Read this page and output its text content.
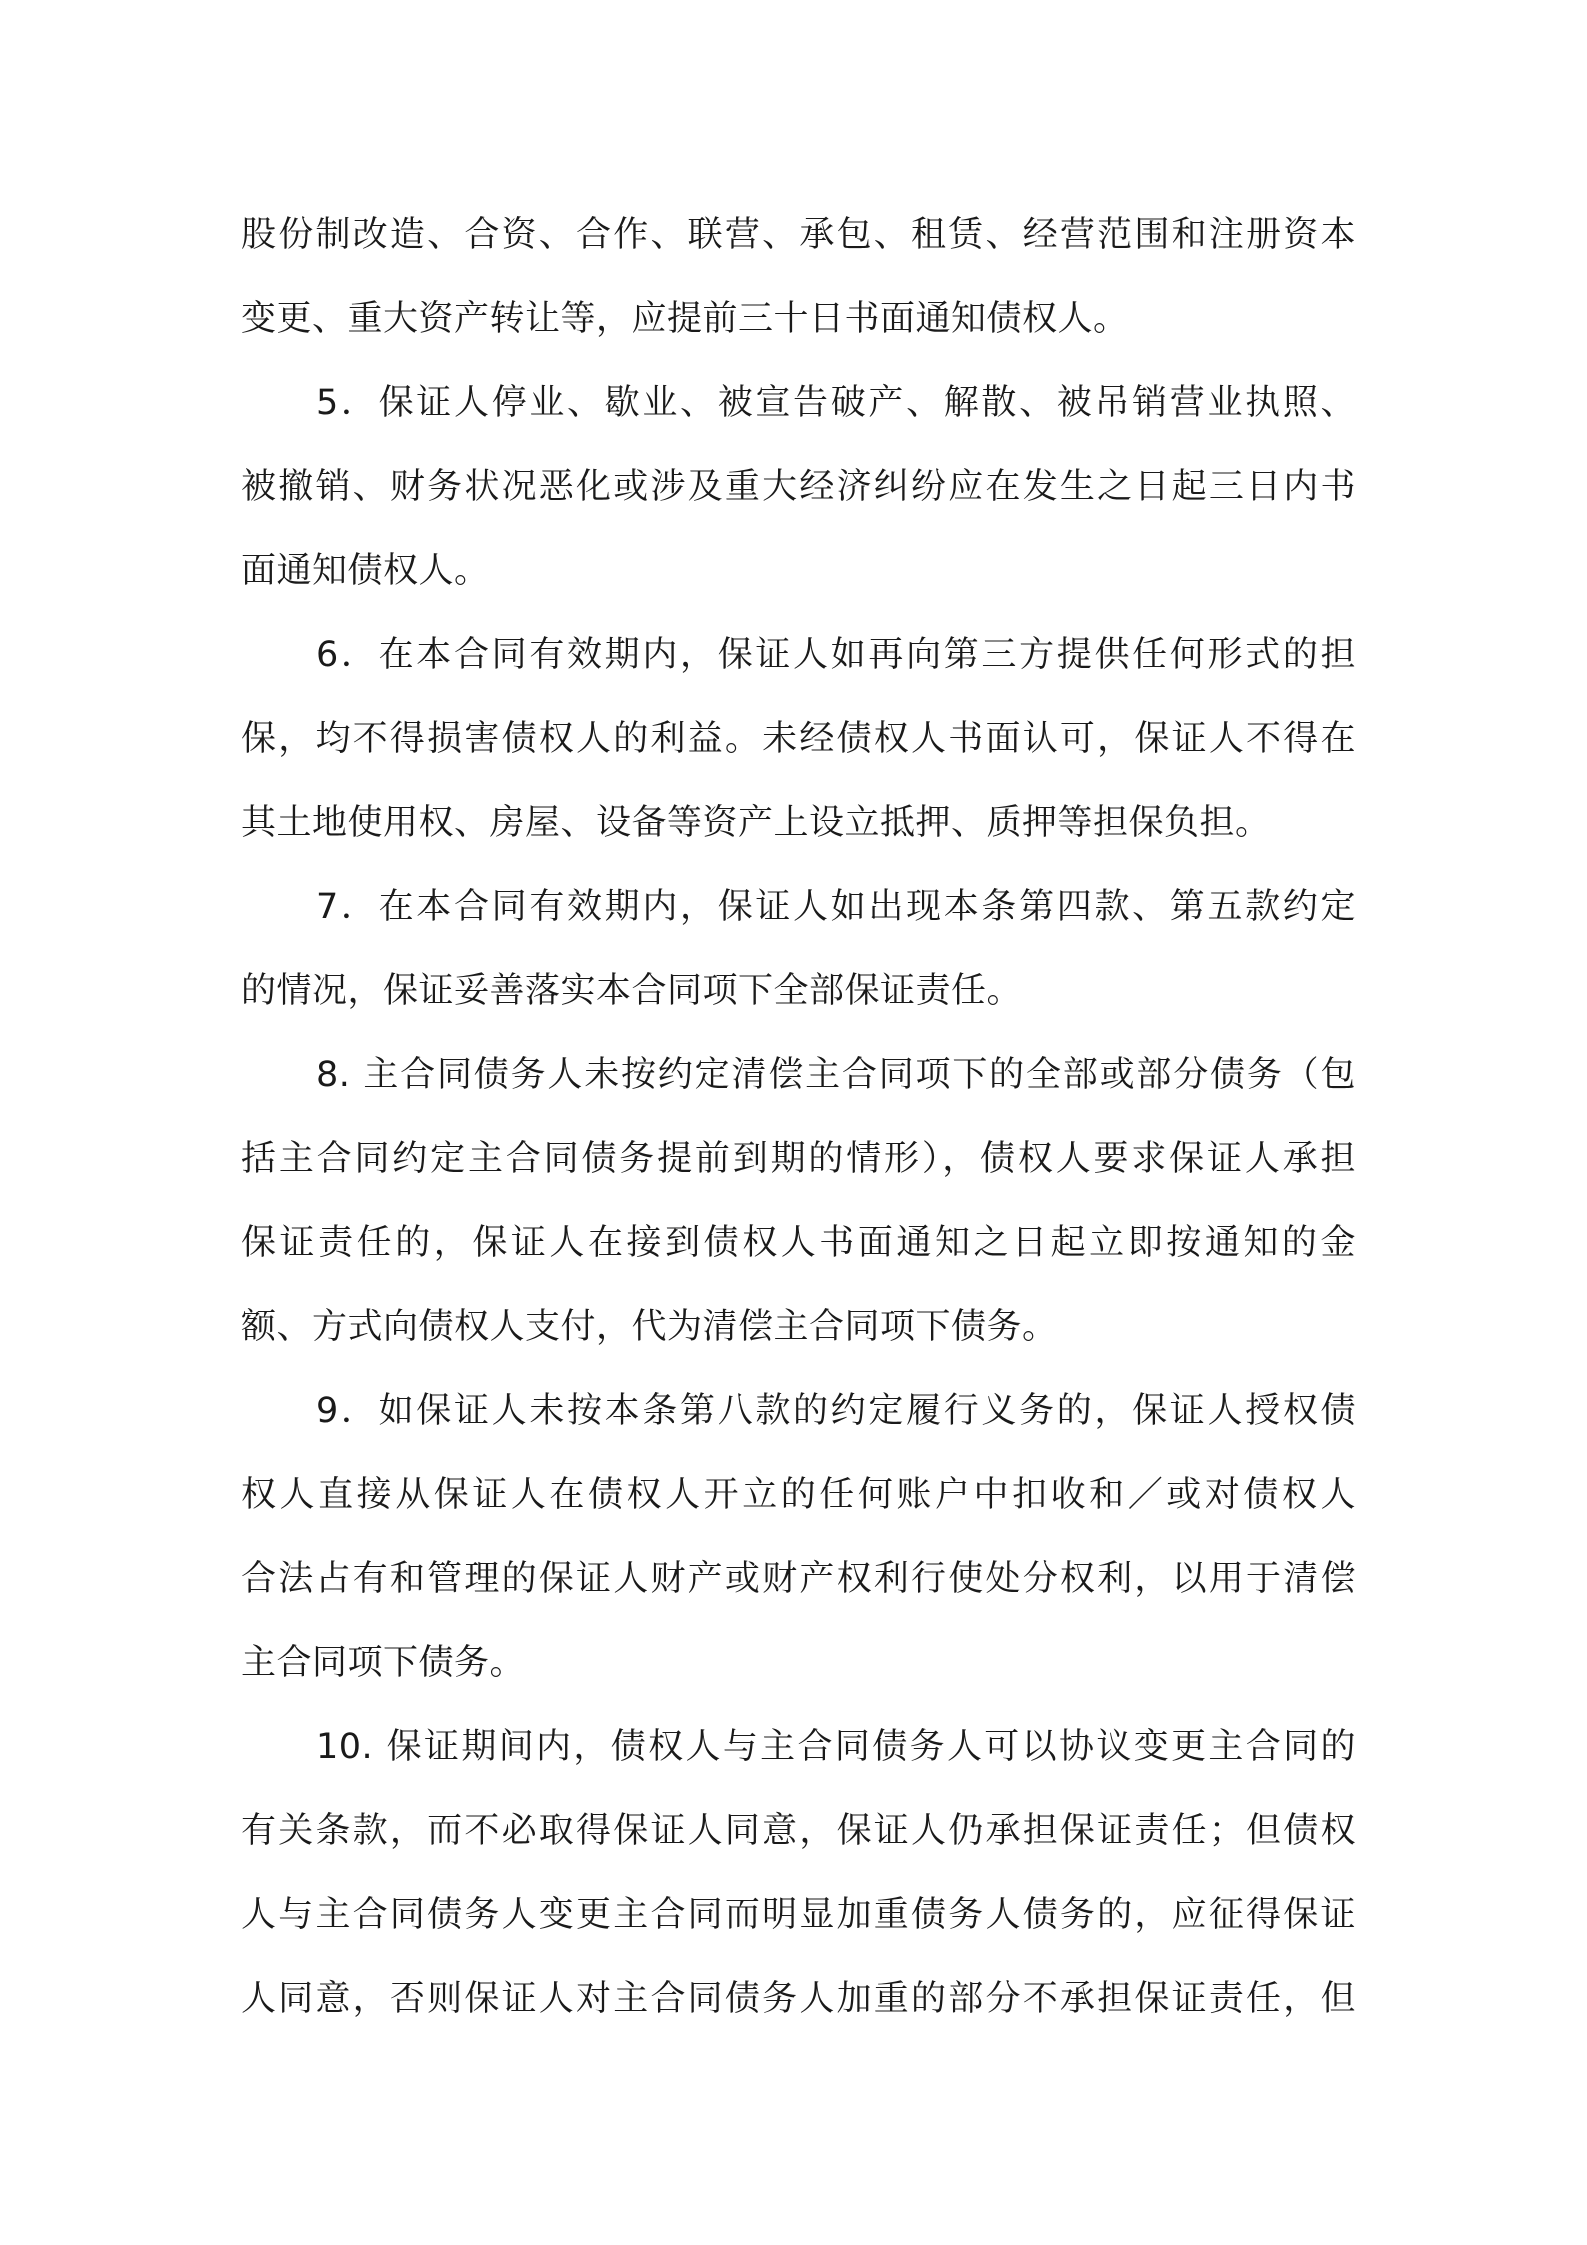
股份制改造、合资、合作、联营、承包、租赁、经营范围和注册资本
变更、重大资产转让等，应提前三十日书面通知债权人。
5．保证人停业、歇业、被宣告破产、解散、被吊销营业执照、
被撤销、财务状况恶化或涉及重大经济纠纷应在发生之日起三日内书
面通知债权人。
6．在本合同有效期内，保证人如再向第三方提供任何形式的担
保，均不得损害债权人的利益。未经债权人书面认可，保证人不得在
其土地使用权、房屋、设备等资产上设立抵押、质押等担保负担。
7．在本合同有效期内，保证人如出现本条第四款、第五款约定
的情况，保证妥善落实本合同项下全部保证责任。
8. 主合同债务人未按约定清偿主合同项下的全部或部分债务（包
括主合同约定主合同债务提前到期的情形），债权人要求保证人承担
保证责任的，保证人在接到债权人书面通知之日起立即按通知的金
额、方式向债权人支付，代为清偿主合同项下债务。
9．如保证人未按本条第八款的约定履行义务的，保证人授权债
权人直接从保证人在债权人开立的任何账户中扣收和／或对债权人
合法占有和管理的保证人财产或财产权利行使处分权利，以用于清偿
主合同项下债务。
10. 保证期间内，债权人与主合同债务人可以协议变更主合同的
有关条款，而不必取得保证人同意，保证人仍承担保证责任；但债权
人与主合同债务人变更主合同而明显加重债务人债务的，应征得保证
人同意，否则保证人对主合同债务人加重的部分不承担保证责任，但
